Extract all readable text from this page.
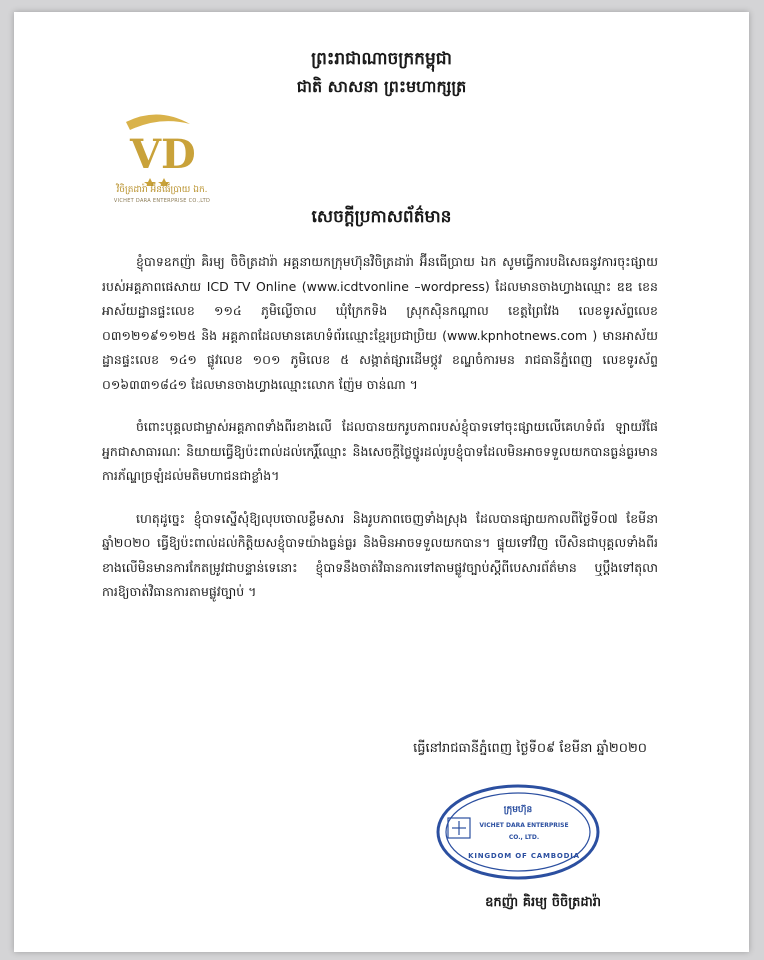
ព្រះរាជាណាចក្រកម្ពុជា
ជាតិ សាសនា ព្រះមហាក្សត្រ
VD
វិចិត្រដារ៉ា អ៊ីនធើប្រាយ ឯក.
VICHET DARA ENTERPRISE CO.,LTD
សេចក្តីប្រកាសព័ត៌មាន

ខ្ញុំបាទឧកញ៉ា គិរម្យ ចិចិត្រដារ៉ា អគ្គនាយកក្រុមហ៊ុនវិចិត្រដារ៉ា អ៊ីនធើប្រាយ ឯក សូមធ្វើការបដិសេធនូវការចុះផ្សាយរបស់អគ្គភាពផេសាយ ICD TV Online (www.icdtvonline –wordpress) ដែលមានចាងហ្វាងឈ្មោះ ឌឌ ខេន អាស័យដ្ឋានផ្ទះលេខ ១១៤ ភូមិល្ងើចាល ឃុំក្រែកទិង ស្រុកស៊ិនកណ្តាល ខេត្តព្រៃវែង លេខទូរស័ព្ទលេខ ០៣១២១៩១១២៥ និង អគ្គភាពដែលមានគេហទំព័រឈ្មោះខ្មែរប្រជាប្រិយ (www.kpnhotnews.com ) មានអាស័យដ្ឋានផ្ទះលេខ ១៤១ ផ្លូវលេខ ១០១ ភូមិលេខ ៥ សង្កាត់ផ្សារដើមថ្កូវ ខណ្ឌចំការមន រាជធានីភ្នំពេញ លេខទូរស័ព្ទ ០១៦៣៣១៨៤១ ដែលមានចាងហ្វាងឈ្មោះលោក ញ៉ែម ចាន់ណា ។

ចំពោះបុគ្គលជាម្ចាស់អគ្គភាពទាំងពីរខាងលើ ដែលបានយករូបភាពរបស់ខ្ញុំបាទទៅចុះផ្សាយលើគេហទំព័រ ឡាយវ៍ផែអ្នកជាសាធារណៈ និយាយធ្វើឱ្យប៉ះពាល់ដល់កេរ្តិ៍ឈ្មោះ និងសេចក្តីថ្លៃថ្នូរដល់រូបខ្ញុំបាទដែលមិនអាចទទួលយកបានធ្ងន់ធ្ងរមានការភ័ណ្ឌច្រឡំដល់មតិមហាជនជាខ្លាំង។

ហេតុដូច្នេះ ខ្ញុំបាទស្នើសុំឱ្យលុបចោលខ្លឹមសារ និងរូបភាពចេញទាំងស្រុង ដែលបានផ្សាយកាលពីថ្ងៃទី០៧ ខែមីនា ឆ្នាំ២០២០ ធ្វើឱ្យប៉ះពាល់ដល់កិត្តិយសខ្ញុំបាទយ៉ាងធ្ងន់ធ្ងរ និងមិនអាចទទួលយកបាន។ ផ្ទុយទៅវិញ បើសិនជាបុគ្គលទាំងពីរខាងលើមិនមានការកែតម្រូវជាបន្ទាន់ទេនោះ ខ្ញុំបាទនឹងចាត់វិធានការទៅតាមផ្លូវច្បាប់ស្តីពីបេសារព័ត៌មាន ឬប្តឹងទៅតុលាការឱ្យចាត់វិធានការតាមផ្លូវច្បាប់ ។

ធ្វើនៅរាជធានីភ្នំពេញ ថ្ងៃទី០៩ ខែមីនា ឆ្នាំ២០២០
ក្រុមហ៊ុន
VICHET DARA ENTERPRISE
CO., LTD.
KINGDOM OF CAMBODIA
ឧកញ៉ា គិរម្យ ចិចិត្រដារ៉ា
